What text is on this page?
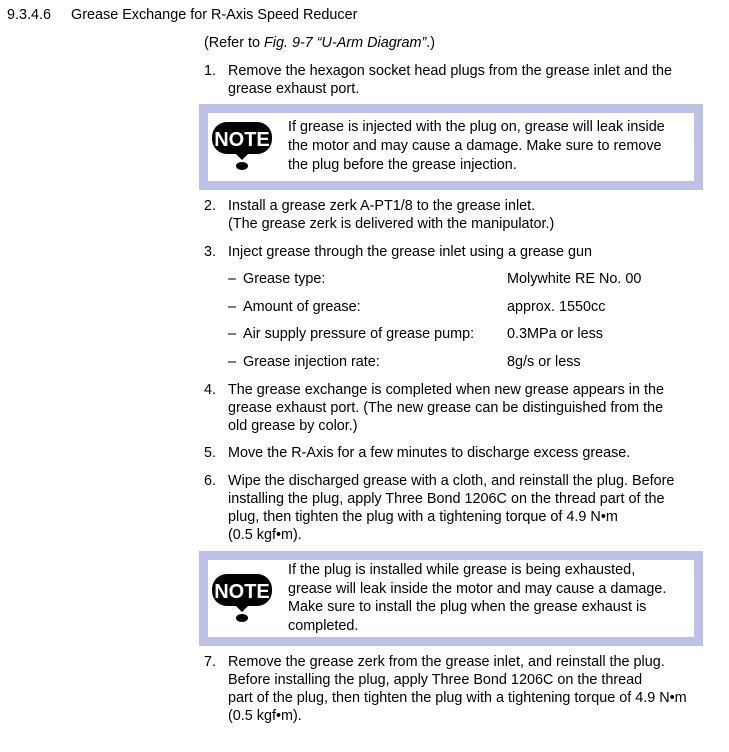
9.3.4.6 Grease Exchange for R-Axis Speed Reducer
(Refer to Fig. 9-7 “U-Arm Diagram”.)
1. Remove the hexagon socket head plugs from the grease inlet and the
grease exhaust port.
NOTE
If grease is injected with the plug on, grease will leak inside
the motor and may cause a damage. Make sure to remove
the plug before the grease injection.
2. Install a grease zerk A-PT1/8 to the grease inlet.
(The grease zerk is delivered with the manipulator.)
3. Inject grease through the grease inlet using a grease gun
– Grease type:	Molywhite RE No. 00
– Amount of grease:	approx. 1550cc
– Air supply pressure of grease pump: 0.3MPa or less
– Grease injection rate:	8g/s or less
4. The grease exchange is completed when new grease appears in the
grease exhaust port. (The new grease can be distinguished from the
old grease by color.)
5. Move the R-Axis for a few minutes to discharge excess grease.
6. Wipe the discharged grease with a cloth, and reinstall the plug. Before
installing the plug, apply Three Bond 1206C on the thread part of the
plug, then tighten the plug with a tightening torque of 4.9 N•m
(0.5 kgf•m).
NOTE
If the plug is installed while grease is being exhausted,
grease will leak inside the motor and may cause a damage.
Make sure to install the plug when the grease exhaust is
completed.
7. Remove the grease zerk from the grease inlet, and reinstall the plug.
Before installing the plug, apply Three Bond 1206C on the thread
part of the plug, then tighten the plug with a tightening torque of 4.9 N•m
(0.5 kgf•m).
